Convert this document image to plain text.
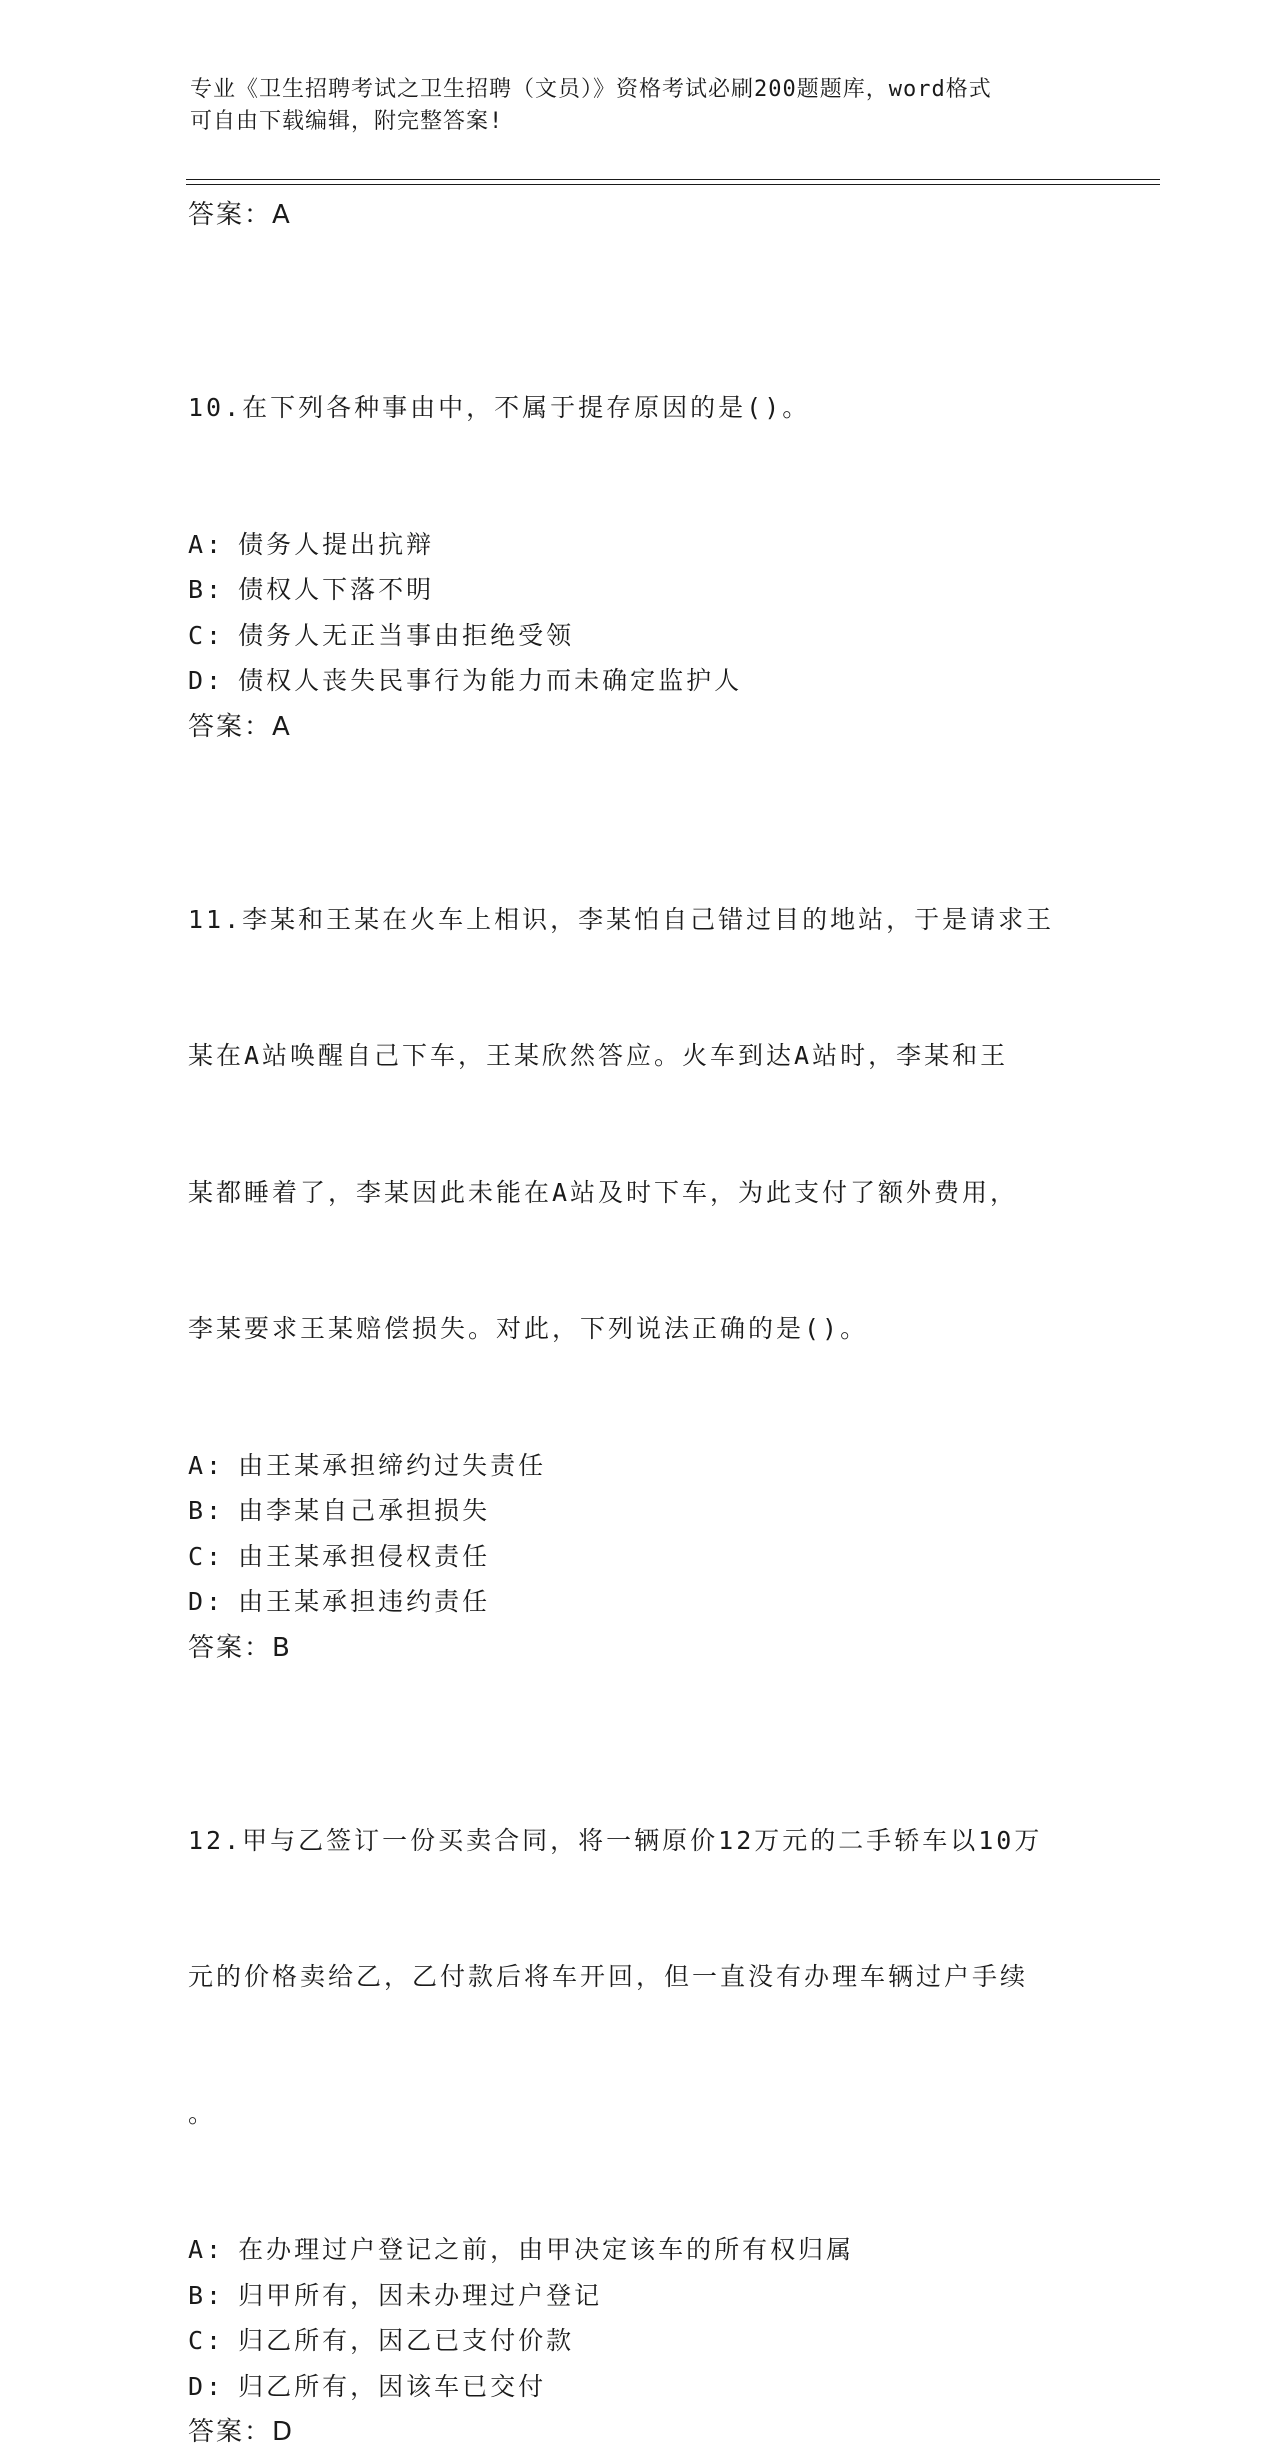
专业《卫生招聘考试之卫生招聘（文员）》资格考试必刷200题题库，word格式
可自由下载编辑，附完整答案!
答案：A

10.在下列各种事由中，不属于提存原因的是()。

A: 债务人提出抗辩
B: 债权人下落不明
C: 债务人无正当事由拒绝受领
D: 债权人丧失民事行为能力而未确定监护人
答案：A

11.李某和王某在火车上相识，李某怕自己错过目的地站，于是请求王

某在A站唤醒自己下车，王某欣然答应。火车到达A站时，李某和王

某都睡着了，李某因此未能在A站及时下车，为此支付了额外费用，

李某要求王某赔偿损失。对此，下列说法正确的是()。

A: 由王某承担缔约过失责任
B: 由李某自己承担损失
C: 由王某承担侵权责任
D: 由王某承担违约责任
答案：B

12.甲与乙签订一份买卖合同，将一辆原价12万元的二手轿车以10万

元的价格卖给乙，乙付款后将车开回，但一直没有办理车辆过户手续

。

A: 在办理过户登记之前，由甲决定该车的所有权归属
B: 归甲所有，因未办理过户登记
C: 归乙所有，因乙已支付价款
D: 归乙所有，因该车已交付
答案：D
